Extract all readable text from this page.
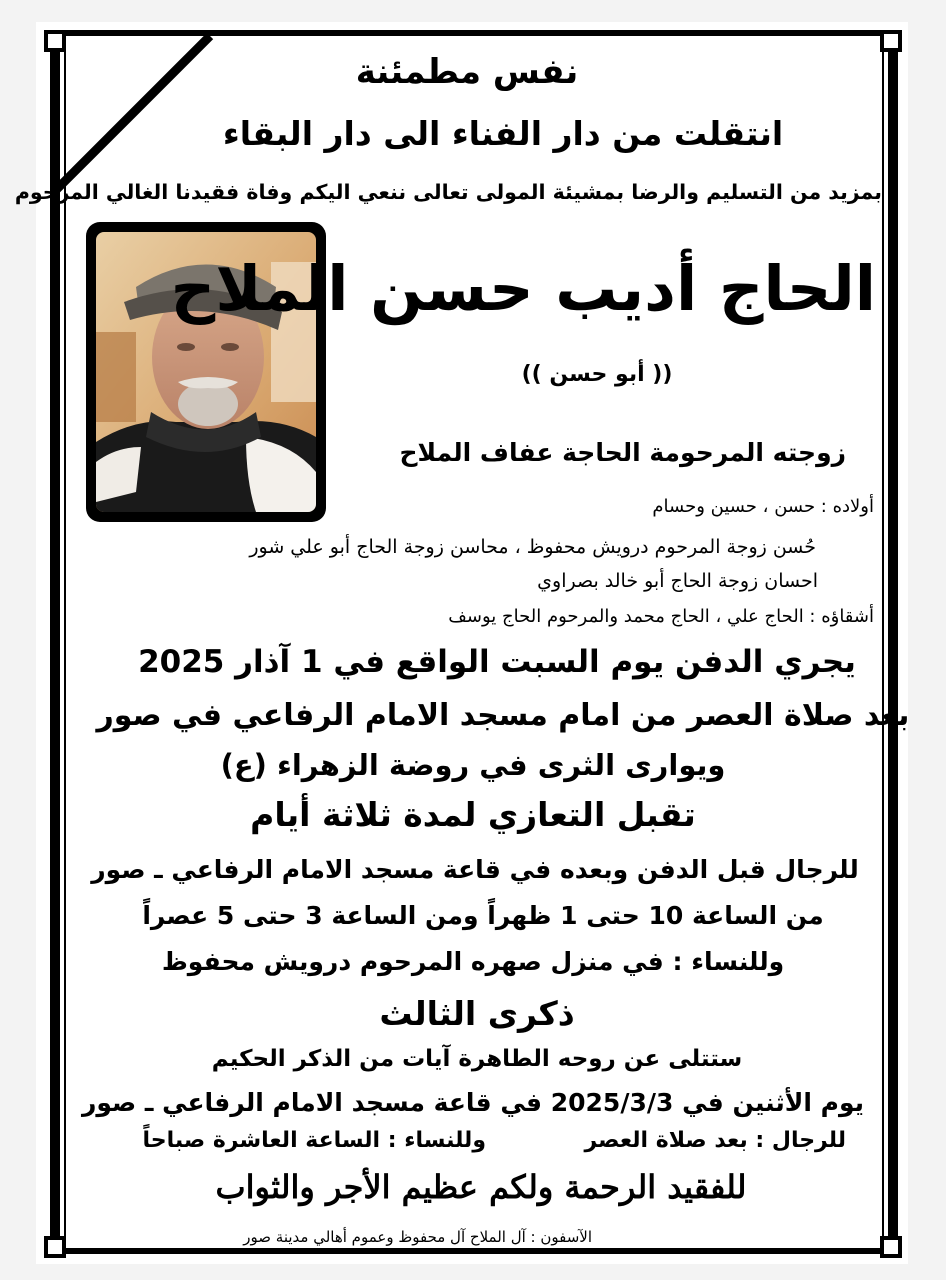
نفس مطمئنة
انتقلت من دار الفناء الى دار البقاء
بمزيد من التسليم والرضا بمشيئة المولى تعالى ننعي اليكم وفاة فقيدنا الغالي المرحوم
الحاج أديب حسن الملاح
(( أبو حسن ))
زوجته المرحومة الحاجة عفاف الملاح
أولاده : حسن ، حسين وحسام
حُسن زوجة المرحوم درويش محفوظ ، محاسن زوجة الحاج أبو علي شور
احسان زوجة الحاج أبو خالد بصراوي
أشقاؤه : الحاج علي ، الحاج محمد والمرحوم الحاج يوسف
يجري الدفن يوم السبت الواقع في 1 آذار 2025
بعد صلاة العصر من امام مسجد الامام الرفاعي في صور
ويوارى الثرى في روضة الزهراء (ع)
تقبل التعازي لمدة ثلاثة أيام
للرجال قبل الدفن وبعده في قاعة مسجد الامام الرفاعي ـ صور
من الساعة 10 حتى 1 ظهراً ومن الساعة 3 حتى 5 عصراً
وللنساء : في منزل صهره المرحوم درويش محفوظ
ذكرى الثالث
ستتلى عن روحه الطاهرة آيات من الذكر الحكيم
يوم الأثنين في 2025/3/3 في قاعة مسجد الامام الرفاعي ـ صور
للرجال : بعد صلاة العصر
وللنساء : الساعة العاشرة صباحاً
للفقيد الرحمة ولكم عظيم الأجر والثواب
الآسفون : آل الملاح آل محفوظ وعموم أهالي مدينة صور
